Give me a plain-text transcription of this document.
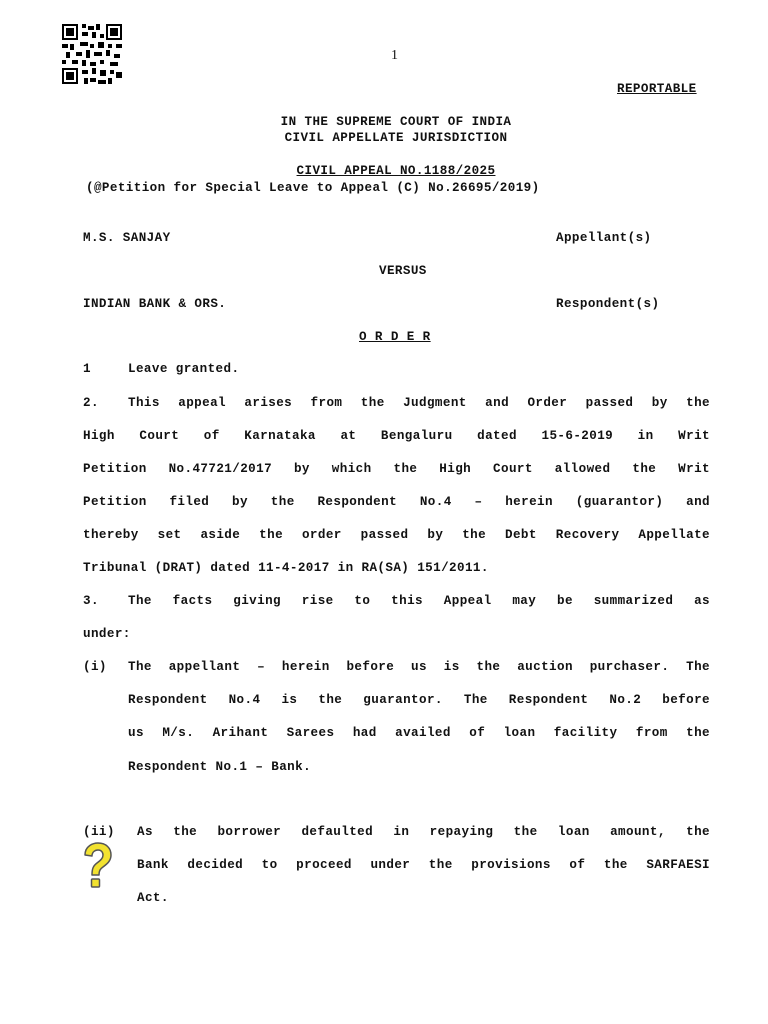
1
REPORTABLE
IN THE SUPREME COURT OF INDIA
CIVIL APPELLATE JURISDICTION
CIVIL APPEAL NO.1188/2025
(@Petition for Special Leave to Appeal (C) No.26695/2019)
M.S. SANJAY	Appellant(s)
VERSUS
INDIAN BANK & ORS.	Respondent(s)
O R D E R
1	Leave granted.
2. This appeal arises from the Judgment and Order passed by the
High Court of Karnataka at Bengaluru dated 15-6-2019 in Writ
Petition No.47721/2017 by which the High Court allowed the Writ
Petition filed by the Respondent No.4 – herein (guarantor) and
thereby set aside the order passed by the Debt Recovery Appellate
Tribunal (DRAT) dated 11-4-2017 in RA(SA) 151/2011.
3. The facts giving rise to this Appeal may be summarized as
under:
(i) The appellant – herein before us is the auction purchaser. The
Respondent No.4 is the guarantor. The Respondent No.2 before
us M/s. Arihant Sarees had availed of loan facility from the
Respondent No.1 – Bank.
(ii) As the borrower defaulted in repaying the loan amount, the
Bank decided to proceed under the provisions of the SARFAESI
Act.
